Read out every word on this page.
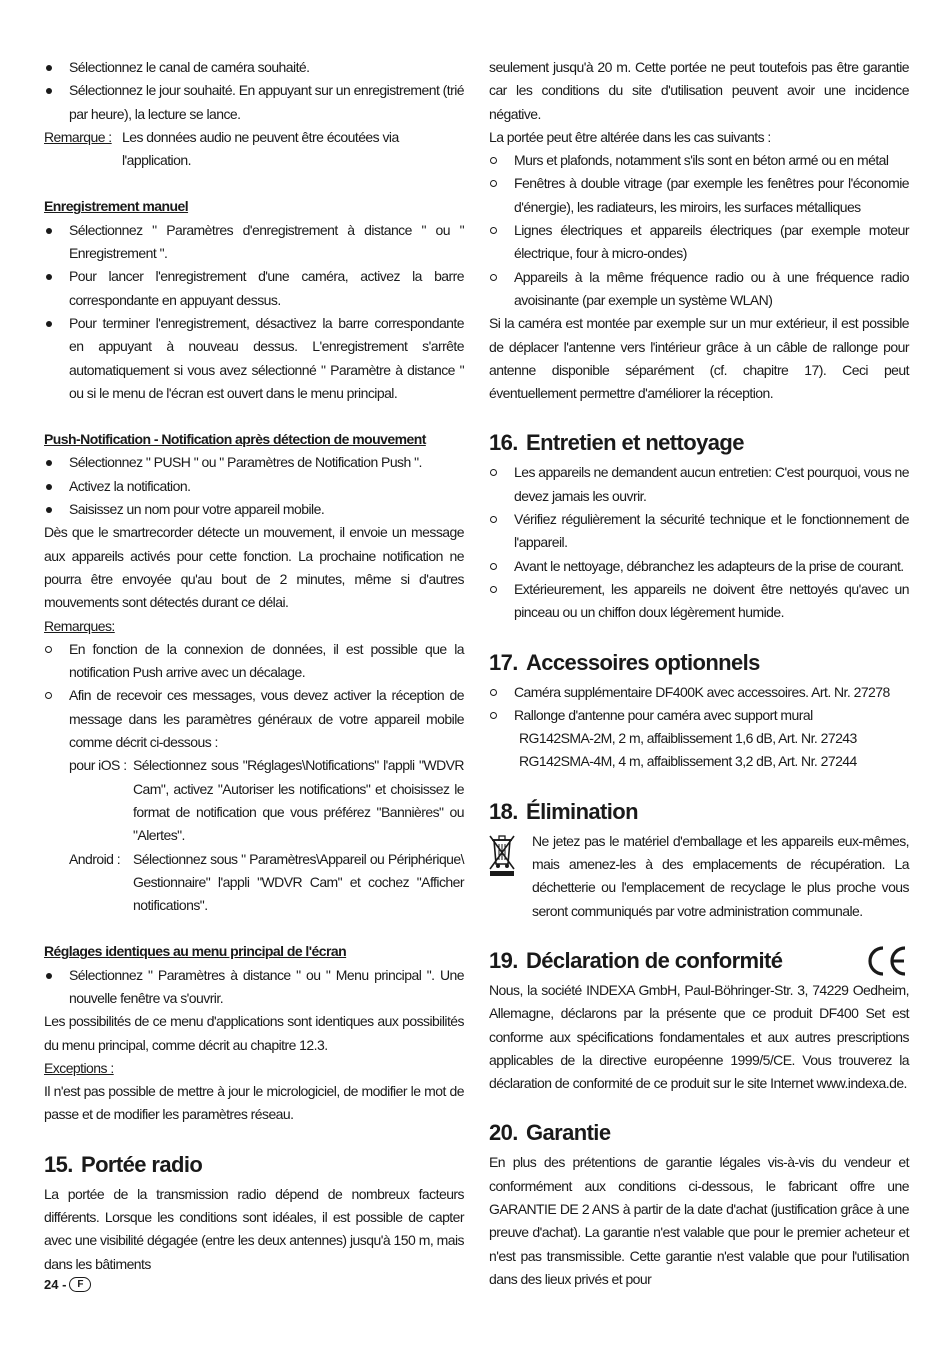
Sélectionnez le canal de caméra souhaité.
Sélectionnez le jour souhaité. En appuyant sur un enregistrement (trié par heure), la lecture se lance.
Remarque : Les données audio ne peuvent être écoutées via l'application.

Enregistrement manuel

Sélectionnez " Paramètres d'enregistrement à distance " ou " Enregistrement ".
Pour lancer l'enregistrement d'une caméra, activez la barre correspondante en appuyant dessus.
Pour terminer l'enregistrement, désactivez la barre correspondante en appuyant à nouveau dessus. L'enregistrement s'arrête automatiquement si vous avez sélectionné " Paramètre à distance " ou si le menu de l'écran est ouvert dans le menu principal.

Push-Notification - Notification après détection de mouvement

Sélectionnez " PUSH " ou " Paramètres de Notification Push ".
Activez la notification.
Saisissez un nom pour votre appareil mobile.

Dès que le smartrecorder détecte un mouvement, il envoie un message aux appareils activés pour cette fonction. La prochaine notification ne pourra être envoyée qu'au bout de 2 minutes, même si d'autres mouvements sont détectés durant ce délai.

Remarques:

En fonction de la connexion de données, il est possible que la notification Push arrive avec un décalage.
Afin de recevoir ces messages, vous devez activer la réception de message dans les paramètres généraux de votre appareil mobile comme décrit ci-dessous :
pour iOS : Sélectionnez sous "Réglages\Notifications" l'appli "WDVR Cam", activez "Autoriser les notifications" et choisissez le format de notification que vous préférez "Bannières" ou "Alertes".
Android : Sélectionnez sous " Paramètres\Appareil ou Périphérique\ Gestionnaire" l'appli "WDVR Cam" et cochez "Afficher notifications".

Réglages identiques au menu principal de l'écran

Sélectionnez " Paramètres à distance " ou " Menu principal ". Une nouvelle fenêtre va s'ouvrir.

Les possibilités de ce menu d'applications sont identiques aux possibilités du menu principal, comme décrit au chapitre 12.3.

Exceptions :

Il n'est pas possible de mettre à jour le micrologiciel, de modifier le mot de passe et de modifier les paramètres réseau.

15. Portée radio

La portée de la transmission radio dépend de nombreux facteurs différents. Lorsque les conditions sont idéales, il est possible de capter avec une visibilité dégagée (entre les deux antennes) jusqu'à 150 m, mais dans les bâtiments

seulement jusqu'à 20 m. Cette portée ne peut toutefois pas être garantie car les conditions du site d'utilisation peuvent avoir une incidence négative.

La portée peut être altérée dans les cas suivants :

Murs et plafonds, notamment s'ils sont en béton armé ou en métal
Fenêtres à double vitrage (par exemple les fenêtres pour l'économie d'énergie), les radiateurs, les miroirs, les surfaces métalliques
Lignes électriques et appareils électriques (par exemple moteur électrique, four à micro-ondes)
Appareils à la même fréquence radio ou à une fréquence radio avoisinante (par exemple un système WLAN)

Si la caméra est montée par exemple sur un mur extérieur, il est possible de déplacer l'antenne vers l'intérieur grâce à un câble de rallonge pour antenne disponible séparément (cf. chapitre 17). Ceci peut éventuellement permettre d'améliorer la réception.

16. Entretien et nettoyage
Les appareils ne demandent aucun entretien: C'est pourquoi, vous ne devez jamais les ouvrir.
Vérifiez régulièrement la sécurité technique et le fonctionnement de l'appareil.
Avant le nettoyage, débranchez les adapteurs de la prise de courant.
Extérieurement, les appareils ne doivent être nettoyés qu'avec un pinceau ou un chiffon doux légèrement humide.
17. Accessoires optionnels
Caméra supplémentaire DF400K avec accessoires. Art. Nr. 27278
Rallonge d'antenne pour caméra avec support mural

RG142SMA-2M, 2 m, affaiblissement 1,6 dB, Art. Nr. 27243

RG142SMA-4M, 4 m, affaiblissement 3,2 dB, Art. Nr. 27244

18. Élimination

Ne jetez pas le matériel d'emballage et les appareils eux-mêmes, mais amenez-les à des emplacements de récupération. La déchetterie ou l'emplacement de recyclage le plus proche vous seront communiqués par votre administration communale.

19. Déclaration de conformité

Nous, la société INDEXA GmbH, Paul-Böhringer-Str. 3, 74229 Oedheim, Allemagne, déclarons par la présente que ce produit DF400 Set est conforme aux spécifications fondamentales et aux autres prescriptions applicables de la directive européenne 1999/5/CE. Vous trouverez la déclaration de conformité de ce produit sur le site Internet www.indexa.de.

20. Garantie

En plus des prétentions de garantie légales vis-à-vis du vendeur et conformément aux conditions ci-dessous, le fabricant offre une GARANTIE DE 2 ANS à partir de la date d'achat (justification grâce à une preuve d'achat). La garantie n'est valable que pour le premier acheteur et n'est pas transmissible. Cette garantie n'est valable que pour l'utilisation dans des lieux privés et pour

24 -	F
